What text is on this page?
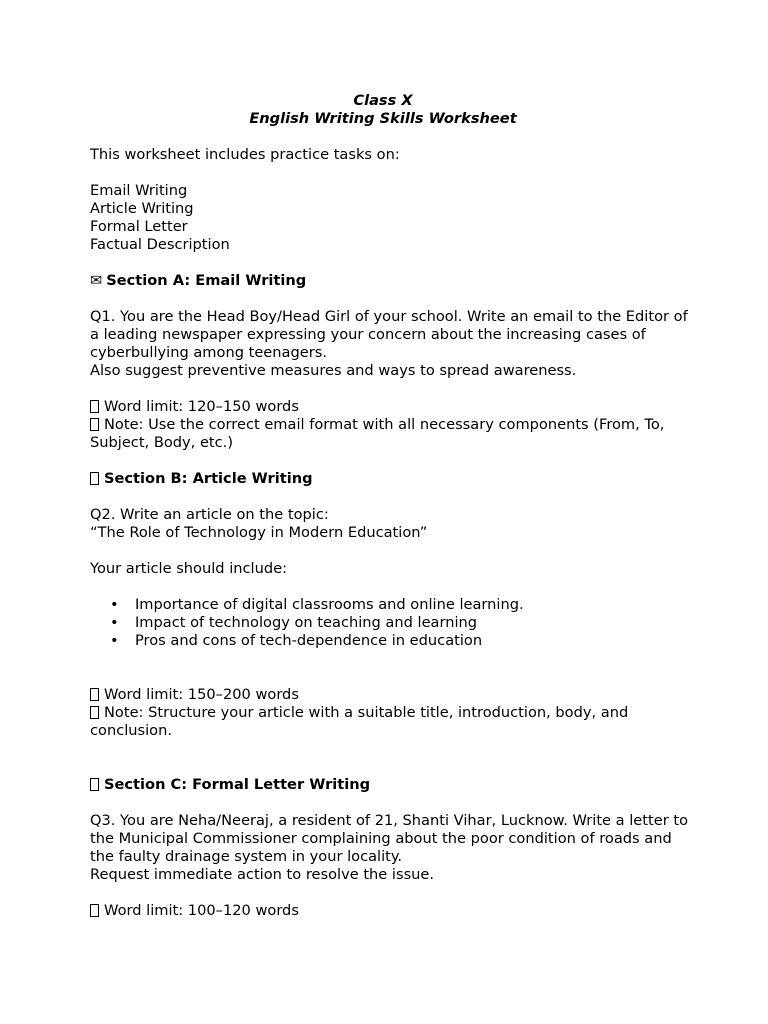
Class X
English Writing Skills Worksheet
This worksheet includes practice tasks on:
Email Writing
Article Writing
Formal Letter
Factual Description
✉ Section A: Email Writing
Q1. You are the Head Boy/Head Girl of your school. Write an email to the Editor of a leading newspaper expressing your concern about the increasing cases of cyberbullying among teenagers.
Also suggest preventive measures and ways to spread awareness.
Word limit: 120–150 words
Note: Use the correct email format with all necessary components (From, To, Subject, Body, etc.)
Section B: Article Writing
Q2. Write an article on the topic:
“The Role of Technology in Modern Education”
Your article should include:
• Importance of digital classrooms and online learning.
• Impact of technology on teaching and learning
• Pros and cons of tech-dependence in education
Word limit: 150–200 words
Note: Structure your article with a suitable title, introduction, body, and conclusion.
Section C: Formal Letter Writing
Q3. You are Neha/Neeraj, a resident of 21, Shanti Vihar, Lucknow. Write a letter to the Municipal Commissioner complaining about the poor condition of roads and the faulty drainage system in your locality.
Request immediate action to resolve the issue.
Word limit: 100–120 words
